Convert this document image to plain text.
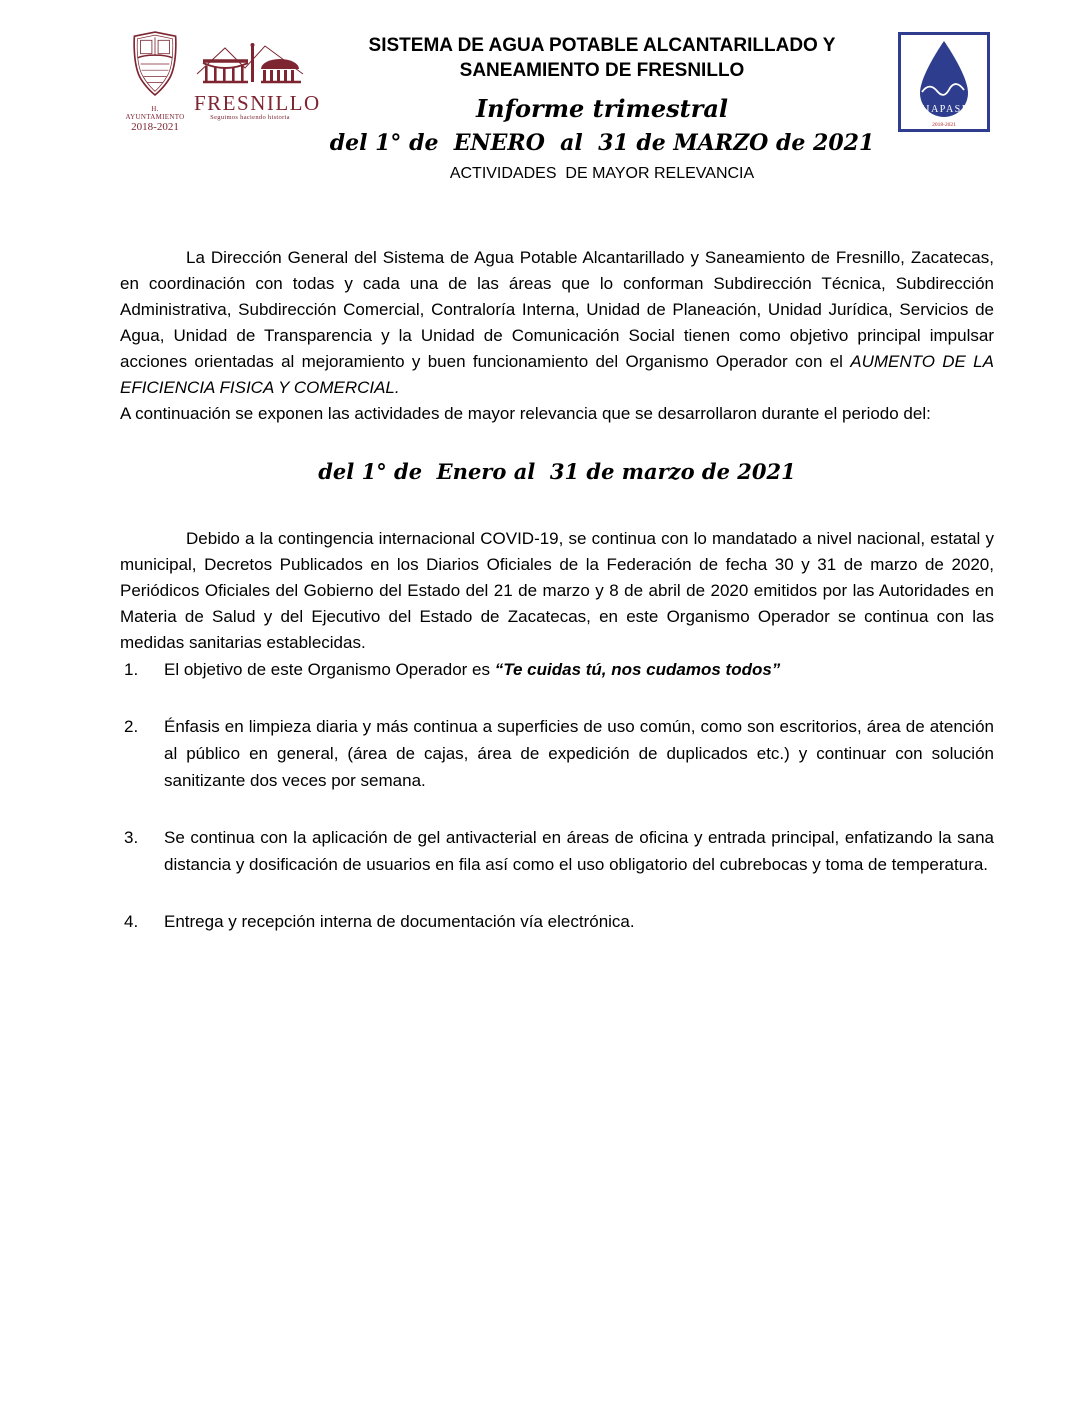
H. AYUNTAMIENTO
2018-2021
FRESNILLO
Seguimos haciendo historia
SISTEMA DE AGUA POTABLE ALCANTARILLADO Y SANEAMIENTO DE FRESNILLO
Informe trimestral
del 1° de  ENERO  al  31 de MARZO de 2021
ACTIVIDADES  DE MAYOR RELEVANCIA
SIAPASF
2018-2021

La Dirección General del Sistema de Agua Potable Alcantarillado y Saneamiento de Fresnillo, Zacatecas, en coordinación con todas y cada una de las áreas que lo conforman Subdirección Técnica, Subdirección Administrativa, Subdirección Comercial, Contraloría Interna, Unidad de Planeación, Unidad Jurídica, Servicios de Agua, Unidad de Transparencia y la Unidad de Comunicación Social tienen como objetivo principal impulsar acciones orientadas al mejoramiento y buen funcionamiento del Organismo Operador con el AUMENTO DE LA EFICIENCIA FISICA Y COMERCIAL.

A continuación se exponen las actividades de mayor relevancia que se desarrollaron durante el periodo del:

del 1° de  Enero al  31 de marzo de 2021

Debido a la contingencia internacional COVID-19, se continua con lo mandatado a nivel nacional, estatal y municipal, Decretos Publicados en los Diarios Oficiales de la Federación de fecha 30 y 31 de marzo de 2020, Periódicos Oficiales del Gobierno del Estado del 21 de marzo y 8 de abril de 2020 emitidos por las Autoridades en Materia de Salud y del Ejecutivo del Estado de Zacatecas, en este Organismo Operador se continua con las medidas sanitarias establecidas.

1.	El objetivo de este Organismo Operador es “Te cuidas tú, nos cudamos todos”
2.	Énfasis en limpieza diaria y más continua a superficies de uso común, como son escritorios, área de atención al público en general, (área de cajas, área de expedición de duplicados etc.) y continuar con solución sanitizante dos veces por semana.
3.	Se continua con la aplicación de gel antivacterial en áreas de oficina y entrada principal, enfatizando la sana distancia y dosificación de usuarios en fila así como el uso obligatorio del cubrebocas y toma de temperatura.
4.	Entrega y recepción interna de documentación vía electrónica.
